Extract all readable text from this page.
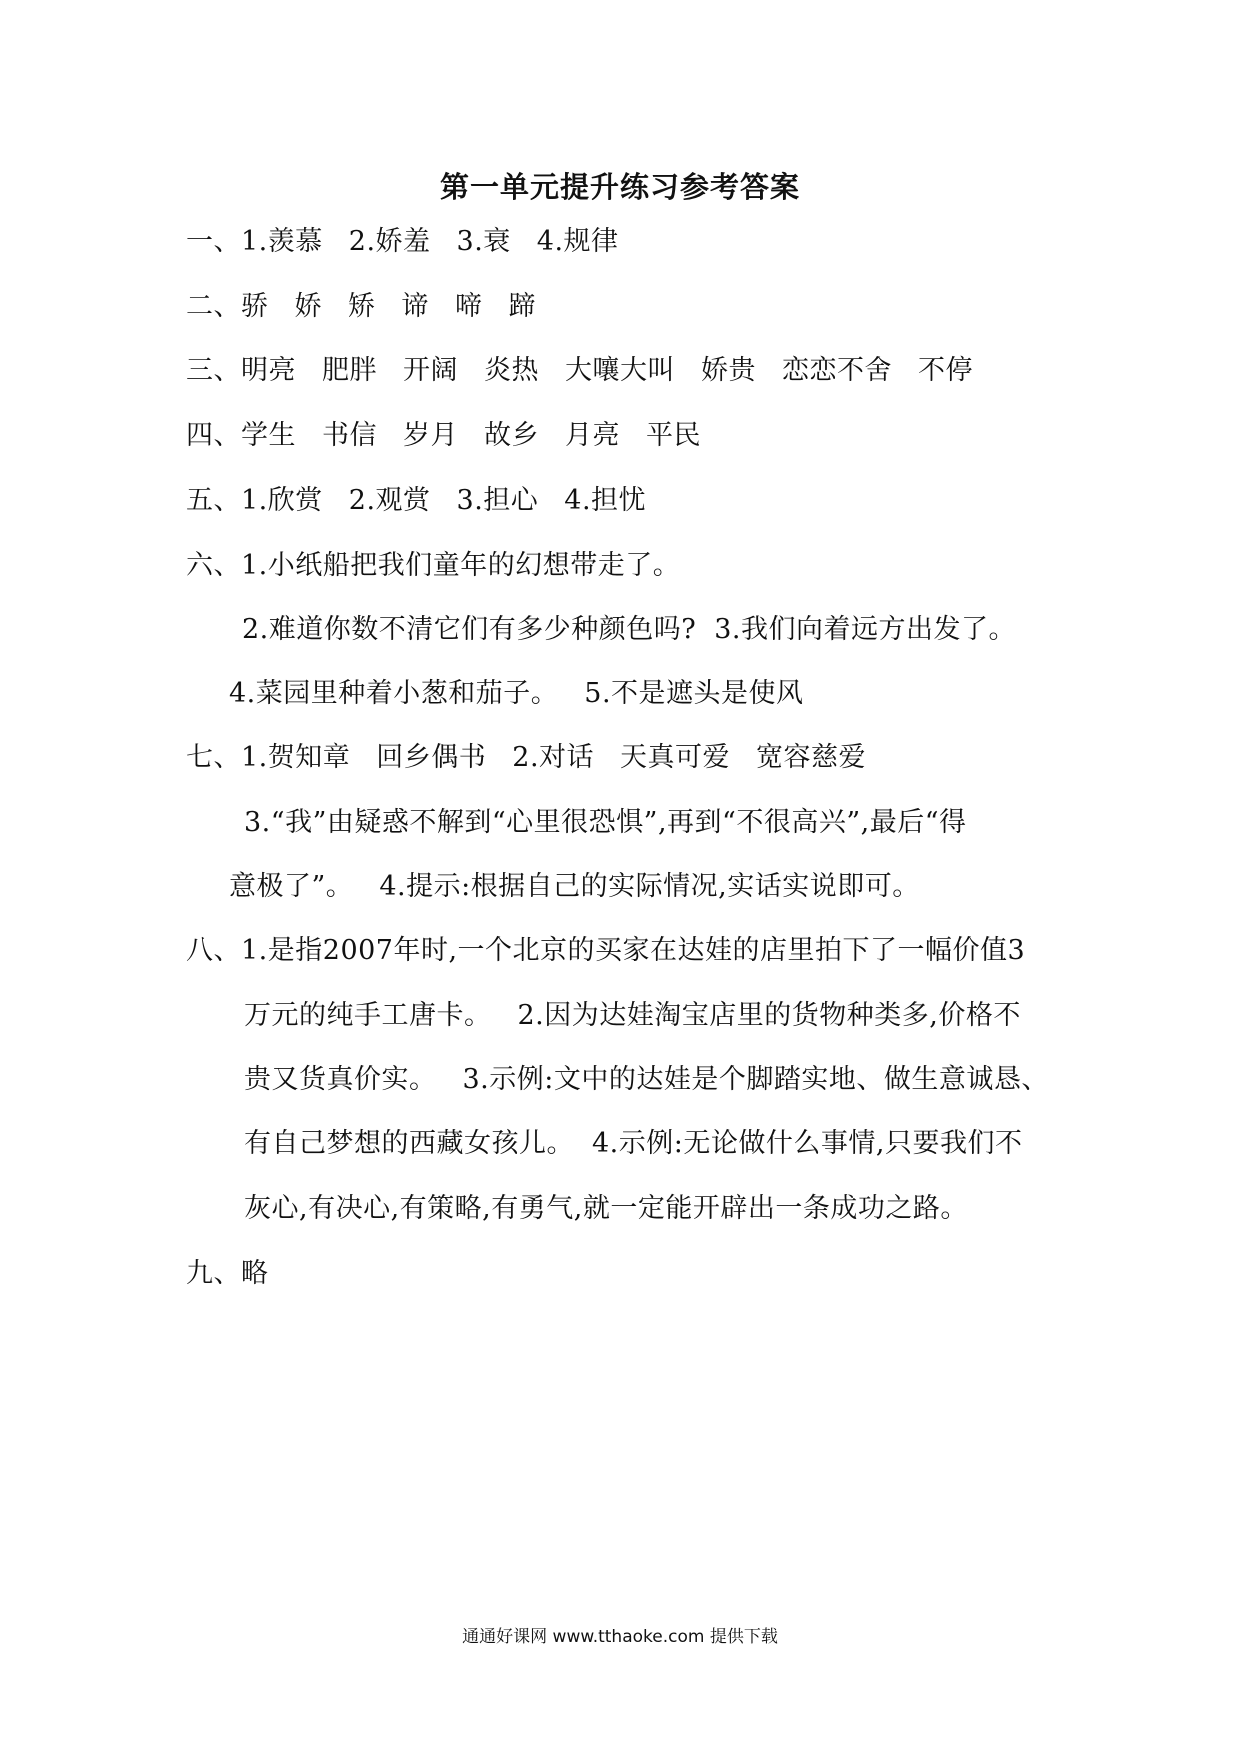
第一单元提升练习参考答案
一、1.羡慕 2.娇羞 3.衰 4.规律
二、骄 娇 矫 谛 啼 蹄
三、明亮 肥胖 开阔 炎热 大嚷大叫 娇贵 恋恋不舍 不停
四、学生 书信 岁月 故乡 月亮 平民
五、1.欣赏 2.观赏 3.担心 4.担忧
六、1.小纸船把我们童年的幻想带走了。
2.难道你数不清它们有多少种颜色吗? 3.我们向着远方出发了。
4.菜园里种着小葱和茄子。 5.不是遮头是使风
七、1.贺知章 回乡偶书 2.对话 天真可爱 宽容慈爱
3.“我”由疑惑不解到“心里很恐惧”,再到“不很高兴”,最后“得
意极了”。 4.提示:根据自己的实际情况,实话实说即可。
八、1.是指2007年时,一个北京的买家在达娃的店里拍下了一幅价值3
万元的纯手工唐卡。 2.因为达娃淘宝店里的货物种类多,价格不
贵又货真价实。 3.示例:文中的达娃是个脚踏实地、做生意诚恳、
有自己梦想的西藏女孩儿。 4.示例:无论做什么事情,只要我们不
灰心,有决心,有策略,有勇气,就一定能开辟出一条成功之路。
九、略
通通好课网 www.tthaoke.com 提供下载
